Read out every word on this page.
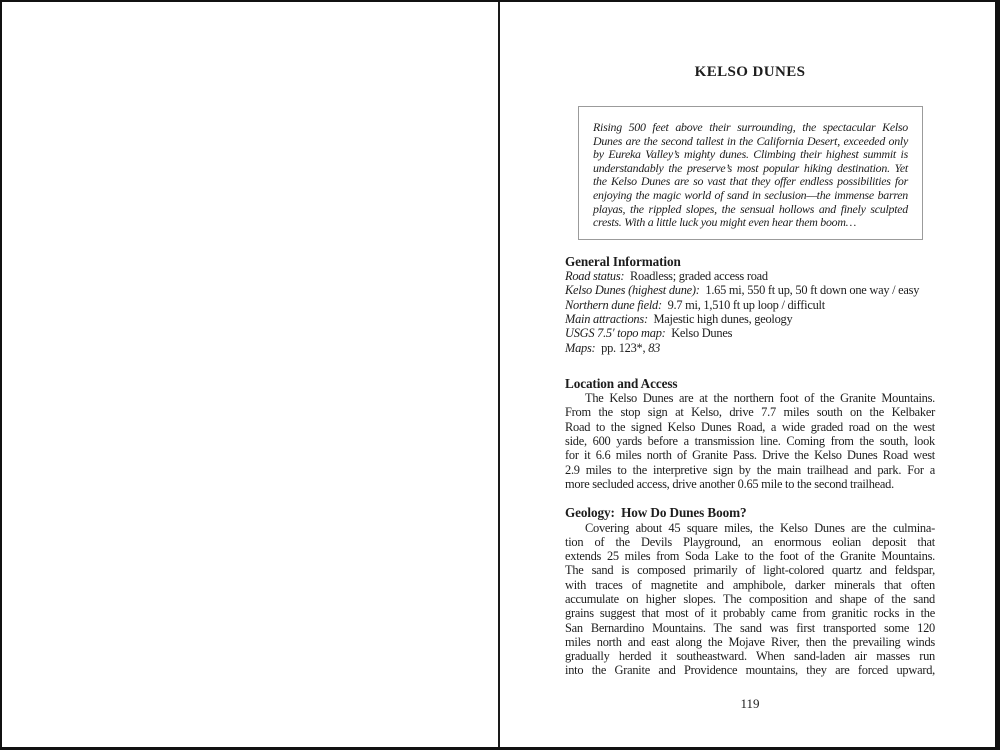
KELSO DUNES
Rising 500 feet above their surrounding, the spectacular Kelso
Dunes are the second tallest in the California Desert, exceeded only
by Eureka Valley’s mighty dunes. Climbing their highest summit is
understandably the preserve’s most popular hiking destination. Yet
the Kelso Dunes are so vast that they offer endless possibilities for
enjoying the magic world of sand in seclusion—the immense barren
playas, the rippled slopes, the sensual hollows and finely sculpted
crests. With a little luck you might even hear them boom…
General Information
Road status:  Roadless; graded access road
Kelso Dunes (highest dune):  1.65 mi, 550 ft up, 50 ft down one way / easy
Northern dune field:  9.7 mi, 1,510 ft up loop / difficult
Main attractions:  Majestic high dunes, geology
USGS 7.5′ topo map:  Kelso Dunes
Maps:  pp. 123*, 83
Location and Access
The Kelso Dunes are at the northern foot of the Granite Mountains.
From the stop sign at Kelso, drive 7.7 miles south on the Kelbaker
Road to the signed Kelso Dunes Road, a wide graded road on the west
side, 600 yards before a transmission line. Coming from the south, look
for it 6.6 miles north of Granite Pass. Drive the Kelso Dunes Road west
2.9 miles to the interpretive sign by the main trailhead and park. For a
more secluded access, drive another 0.65 mile to the second trailhead.
Geology:  How Do Dunes Boom?
Covering about 45 square miles, the Kelso Dunes are the culmina-
tion of the Devils Playground, an enormous eolian deposit that
extends 25 miles from Soda Lake to the foot of the Granite Mountains.
The sand is composed primarily of light-colored quartz and feldspar,
with traces of magnetite and amphibole, darker minerals that often
accumulate on higher slopes. The composition and shape of the sand
grains suggest that most of it probably came from granitic rocks in the
San Bernardino Mountains. The sand was first transported some 120
miles north and east along the Mojave River, then the prevailing winds
gradually herded it southeastward. When sand-laden air masses run
into the Granite and Providence mountains, they are forced upward,
119
